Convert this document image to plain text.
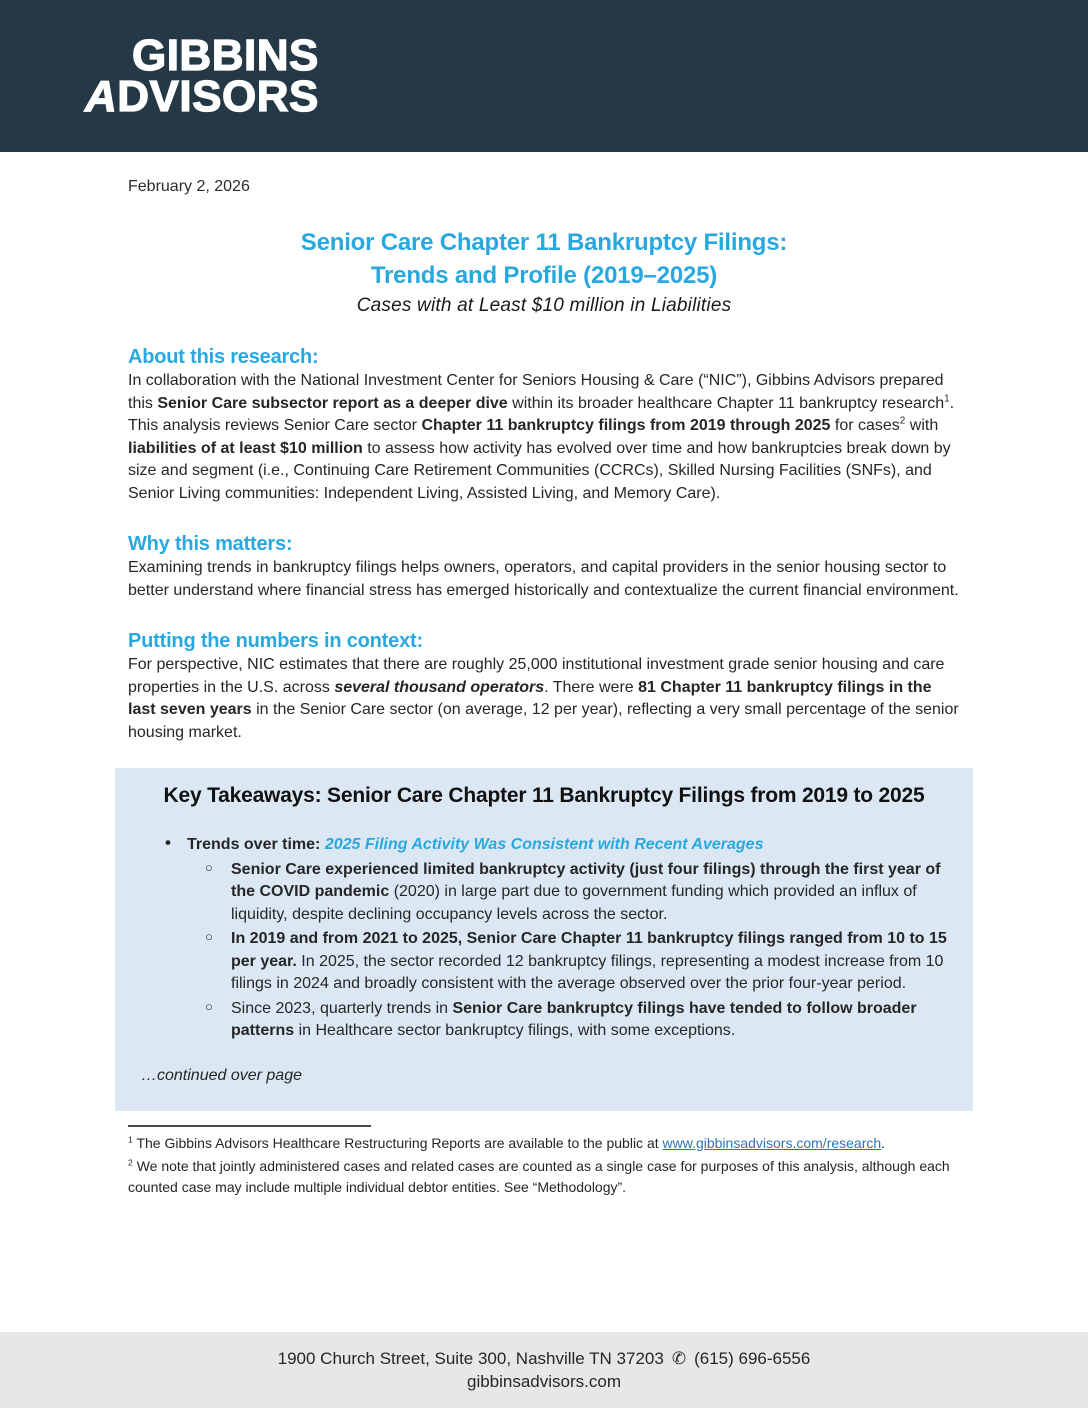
GIBBINS
ADVISORS

February 2, 2026

Senior Care Chapter 11 Bankruptcy Filings:
Trends and Profile (2019–2025)

Cases with at Least $10 million in Liabilities

About this research:

In collaboration with the National Investment Center for Seniors Housing & Care (“NIC”), Gibbins Advisors prepared this Senior Care subsector report as a deeper dive within its broader healthcare Chapter 11 bankruptcy research$^1$. This analysis reviews Senior Care sector Chapter 11 bankruptcy filings from 2019 through 2025 for cases$^2$ with liabilities of at least $10 million to assess how activity has evolved over time and how bankruptcies break down by size and segment (i.e., Continuing Care Retirement Communities (CCRCs), Skilled Nursing Facilities (SNFs), and Senior Living communities: Independent Living, Assisted Living, and Memory Care).

Why this matters:

Examining trends in bankruptcy filings helps owners, operators, and capital providers in the senior housing sector to better understand where financial stress has emerged historically and contextualize the current financial environment.

Putting the numbers in context:

For perspective, NIC estimates that there are roughly 25,000 institutional investment grade senior housing and care properties in the U.S. across several thousand operators. There were 81 Chapter 11 bankruptcy filings in the last seven years in the Senior Care sector (on average, 12 per year), reflecting a very small percentage of the senior housing market.

Key Takeaways: Senior Care Chapter 11 Bankruptcy Filings from 2019 to 2025

• Trends over time: 2025 Filing Activity Was Consistent with Recent Averages

○ Senior Care experienced limited bankruptcy activity (just four filings) through the first year of the COVID pandemic (2020) in large part due to government funding which provided an influx of liquidity, despite declining occupancy levels across the sector.

○ In 2019 and from 2021 to 2025, Senior Care Chapter 11 bankruptcy filings ranged from 10 to 15 per year. In 2025, the sector recorded 12 bankruptcy filings, representing a modest increase from 10 filings in 2024 and broadly consistent with the average observed over the prior four-year period.

○ Since 2023, quarterly trends in Senior Care bankruptcy filings have tended to follow broader patterns in Healthcare sector bankruptcy filings, with some exceptions.

…continued over page

$^1$ The Gibbins Advisors Healthcare Restructuring Reports are available to the public at www.gibbinsadvisors.com/research.

$^2$ We note that jointly administered cases and related cases are counted as a single case for purposes of this analysis, although each counted case may include multiple individual debtor entities. See “Methodology”.

1900 Church Street, Suite 300, Nashville TN 37203 ✆ (615) 696-6556
gibbinsadvisors.com
